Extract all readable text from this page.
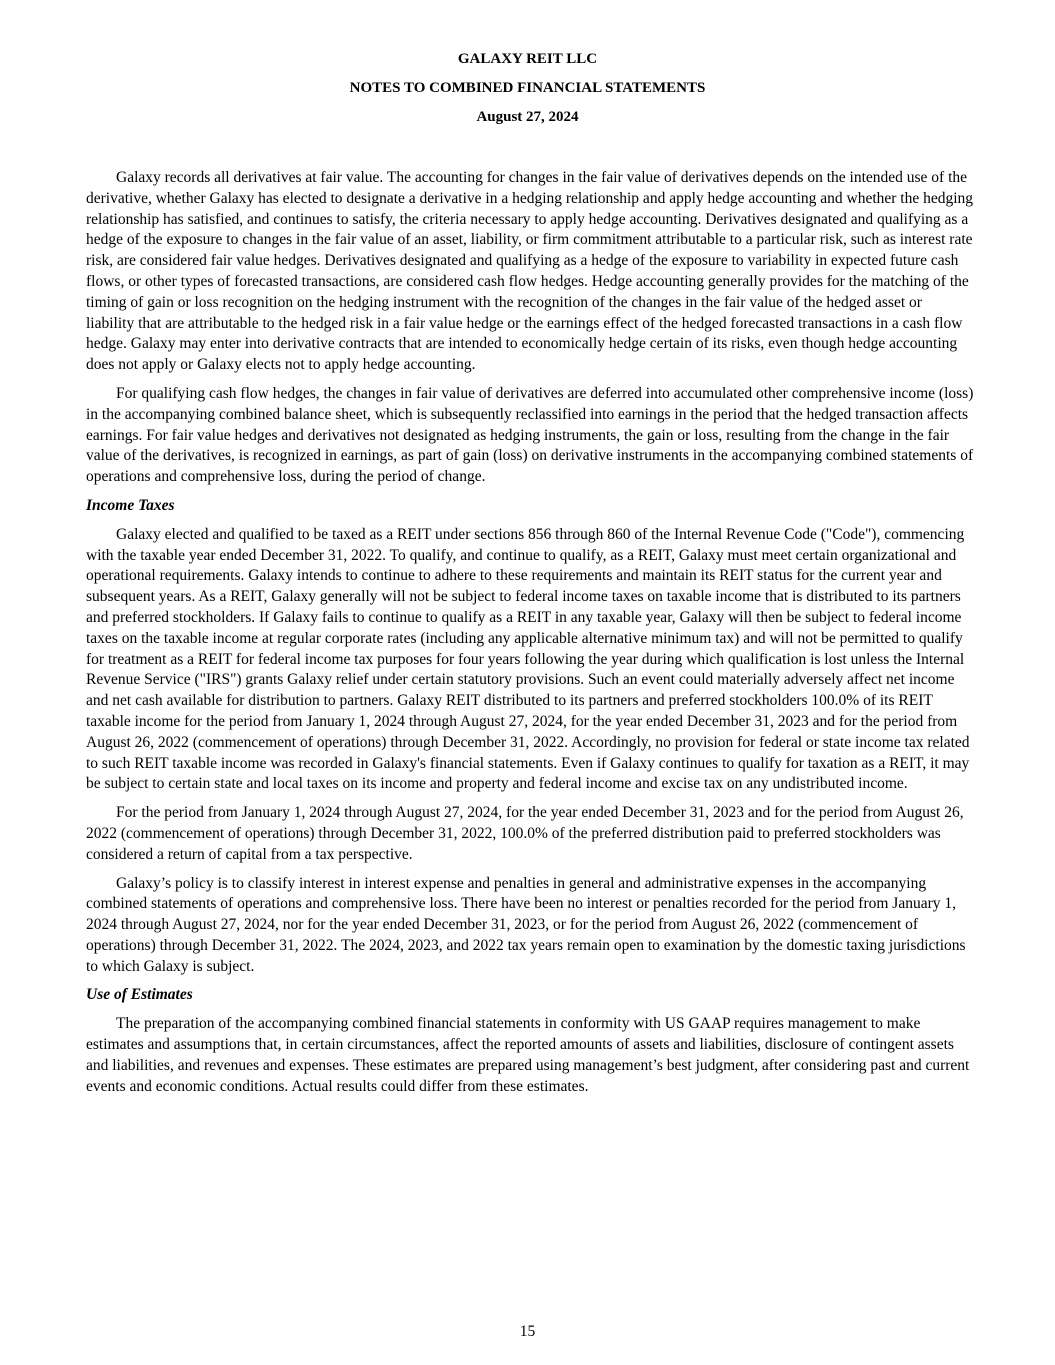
GALAXY REIT LLC
NOTES TO COMBINED FINANCIAL STATEMENTS
August 27, 2024

Galaxy records all derivatives at fair value. The accounting for changes in the fair value of derivatives depends on the intended use of the derivative, whether Galaxy has elected to designate a derivative in a hedging relationship and apply hedge accounting and whether the hedging relationship has satisfied, and continues to satisfy, the criteria necessary to apply hedge accounting. Derivatives designated and qualifying as a hedge of the exposure to changes in the fair value of an asset, liability, or firm commitment attributable to a particular risk, such as interest rate risk, are considered fair value hedges. Derivatives designated and qualifying as a hedge of the exposure to variability in expected future cash flows, or other types of forecasted transactions, are considered cash flow hedges. Hedge accounting generally provides for the matching of the timing of gain or loss recognition on the hedging instrument with the recognition of the changes in the fair value of the hedged asset or liability that are attributable to the hedged risk in a fair value hedge or the earnings effect of the hedged forecasted transactions in a cash flow hedge. Galaxy may enter into derivative contracts that are intended to economically hedge certain of its risks, even though hedge accounting does not apply or Galaxy elects not to apply hedge accounting.

For qualifying cash flow hedges, the changes in fair value of derivatives are deferred into accumulated other comprehensive income (loss) in the accompanying combined balance sheet, which is subsequently reclassified into earnings in the period that the hedged transaction affects earnings. For fair value hedges and derivatives not designated as hedging instruments, the gain or loss, resulting from the change in the fair value of the derivatives, is recognized in earnings, as part of gain (loss) on derivative instruments in the accompanying combined statements of operations and comprehensive loss, during the period of change.

Income Taxes

Galaxy elected and qualified to be taxed as a REIT under sections 856 through 860 of the Internal Revenue Code ("Code"), commencing with the taxable year ended December 31, 2022. To qualify, and continue to qualify, as a REIT, Galaxy must meet certain organizational and operational requirements. Galaxy intends to continue to adhere to these requirements and maintain its REIT status for the current year and subsequent years. As a REIT, Galaxy generally will not be subject to federal income taxes on taxable income that is distributed to its partners and preferred stockholders. If Galaxy fails to continue to qualify as a REIT in any taxable year, Galaxy will then be subject to federal income taxes on the taxable income at regular corporate rates (including any applicable alternative minimum tax) and will not be permitted to qualify for treatment as a REIT for federal income tax purposes for four years following the year during which qualification is lost unless the Internal Revenue Service ("IRS") grants Galaxy relief under certain statutory provisions. Such an event could materially adversely affect net income and net cash available for distribution to partners. Galaxy REIT distributed to its partners and preferred stockholders 100.0% of its REIT taxable income for the period from January 1, 2024 through August 27, 2024, for the year ended December 31, 2023 and for the period from August 26, 2022 (commencement of operations) through December 31, 2022. Accordingly, no provision for federal or state income tax related to such REIT taxable income was recorded in Galaxy's financial statements. Even if Galaxy continues to qualify for taxation as a REIT, it may be subject to certain state and local taxes on its income and property and federal income and excise tax on any undistributed income.

For the period from January 1, 2024 through August 27, 2024, for the year ended December 31, 2023 and for the period from August 26, 2022 (commencement of operations) through December 31, 2022, 100.0% of the preferred distribution paid to preferred stockholders was considered a return of capital from a tax perspective.

Galaxy’s policy is to classify interest in interest expense and penalties in general and administrative expenses in the accompanying combined statements of operations and comprehensive loss. There have been no interest or penalties recorded for the period from January 1, 2024 through August 27, 2024, nor for the year ended December 31, 2023, or for the period from August 26, 2022 (commencement of operations) through December 31, 2022. The 2024, 2023, and 2022 tax years remain open to examination by the domestic taxing jurisdictions to which Galaxy is subject.

Use of Estimates

The preparation of the accompanying combined financial statements in conformity with US GAAP requires management to make estimates and assumptions that, in certain circumstances, affect the reported amounts of assets and liabilities, disclosure of contingent assets and liabilities, and revenues and expenses. These estimates are prepared using management’s best judgment, after considering past and current events and economic conditions. Actual results could differ from these estimates.

15
